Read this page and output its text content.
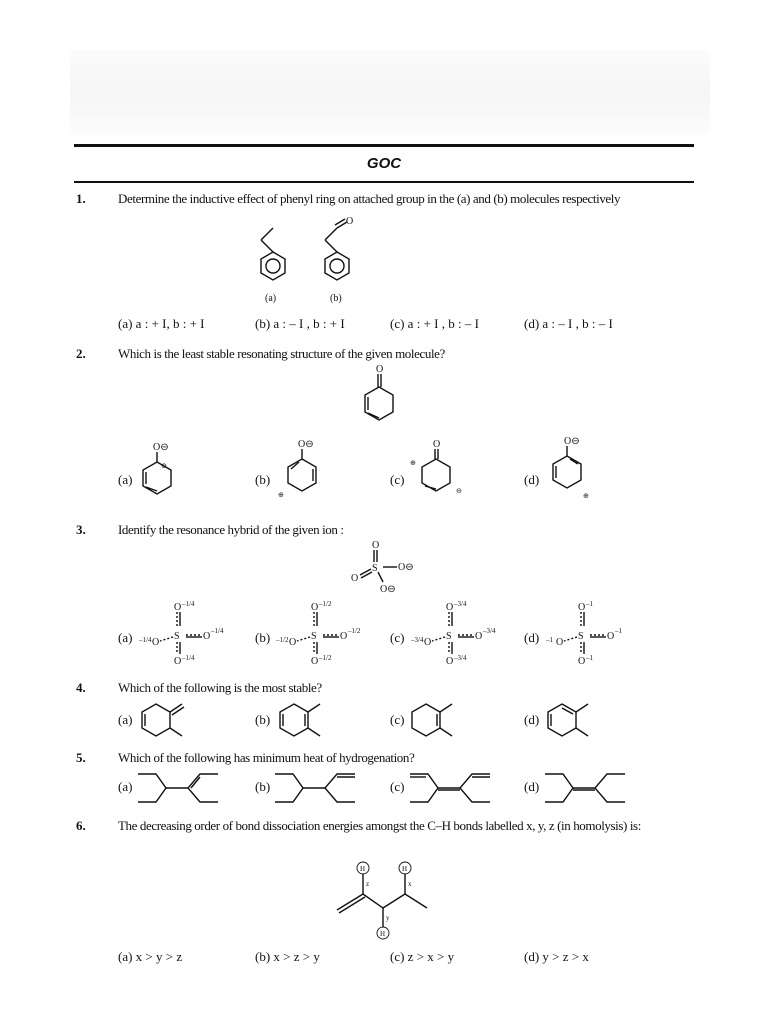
GOC
1. Determine the inductive effect of phenyl ring on attached group in the (a) and (b) molecules respectively
O
(a)	(b)
(a) a : + I, b : + I	(b) a : – I , b : + I	(c) a : + I , b : – I	(d) a : – I , b : – I
2. Which is the least stable resonating structure of the given molecule?
O
(a)
O⊖
⊕
(b)
O⊖
⊕
(c)
O
⊕
⊖
(d)
O⊖
⊕
3. Identify the resonance hybrid of the given ion :
O
S O⊖
O
O⊖
(a)
O –1/4
S O –1/4
O
–1/4
O –1/4
(b)
O –1/2
S O –1/2
O
–1/2
O –1/2
(c)
O –3/4
S O –3/4
O
–3/4
O –3/4
(d)
O –1
S O –1
O
–1
O –1
4. Which of the following is the most stable?
(a)	(b)	(c)	(d)
5. Which of the following has minimum heat of hydrogenation?
(a)	(b)	(c)	(d)
6. The decreasing order of bond dissociation energies amongst the C–H bonds labelled x, y, z (in homolysis) is:
H
z
H
x
H
y
(a) x > y > z	(b) x > z > y	(c) z > x > y	(d) y > z > x
